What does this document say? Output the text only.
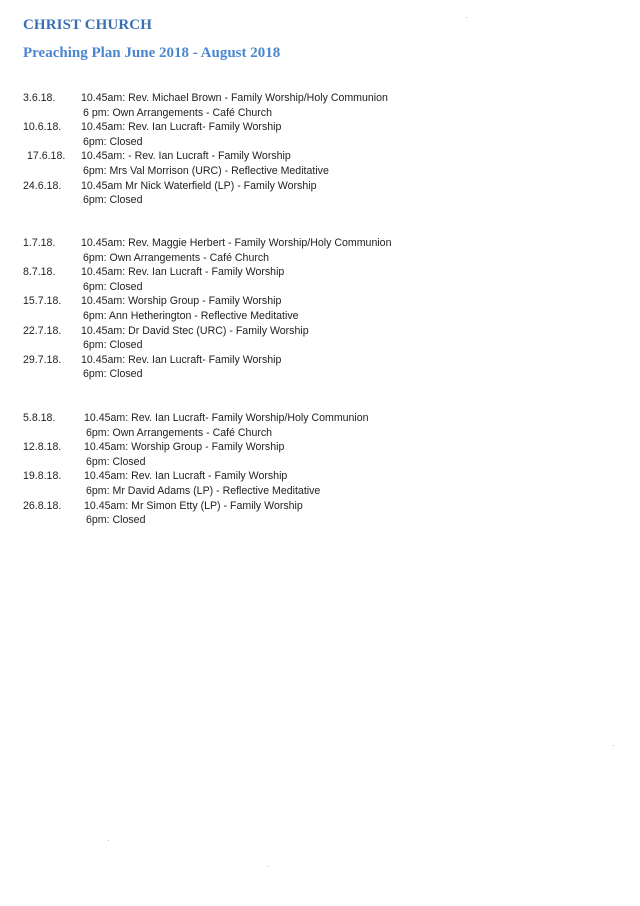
CHRIST CHURCH
Preaching Plan June 2018 - August 2018
3.6.18. 10.45am: Rev. Michael Brown - Family Worship/Holy Communion
6 pm: Own Arrangements - Café Church
10.6.18. 10.45am: Rev. Ian Lucraft- Family Worship
6pm: Closed
17.6.18. 10.45am: - Rev. Ian Lucraft - Family Worship
6pm: Mrs Val Morrison (URC) - Reflective Meditative
24.6.18. 10.45am Mr Nick Waterfield (LP) - Family Worship
6pm: Closed
1.7.18. 10.45am: Rev. Maggie Herbert - Family Worship/Holy Communion
6pm: Own Arrangements - Café Church
8.7.18. 10.45am: Rev. Ian Lucraft - Family Worship
6pm: Closed
15.7.18. 10.45am: Worship Group - Family Worship
6pm: Ann Hetherington - Reflective Meditative
22.7.18. 10.45am: Dr David Stec (URC) - Family Worship
6pm: Closed
29.7.18. 10.45am: Rev. Ian Lucraft- Family Worship
6pm: Closed
5.8.18.	10.45am: Rev. Ian Lucraft- Family Worship/Holy Communion
6pm: Own Arrangements - Café Church
12.8.18. 10.45am: Worship Group - Family Worship
6pm: Closed
19.8.18. 10.45am: Rev. Ian Lucraft - Family Worship
6pm: Mr David Adams (LP) - Reflective Meditative
26.8.18. 10.45am: Mr Simon Etty (LP) - Family Worship
6pm: Closed
